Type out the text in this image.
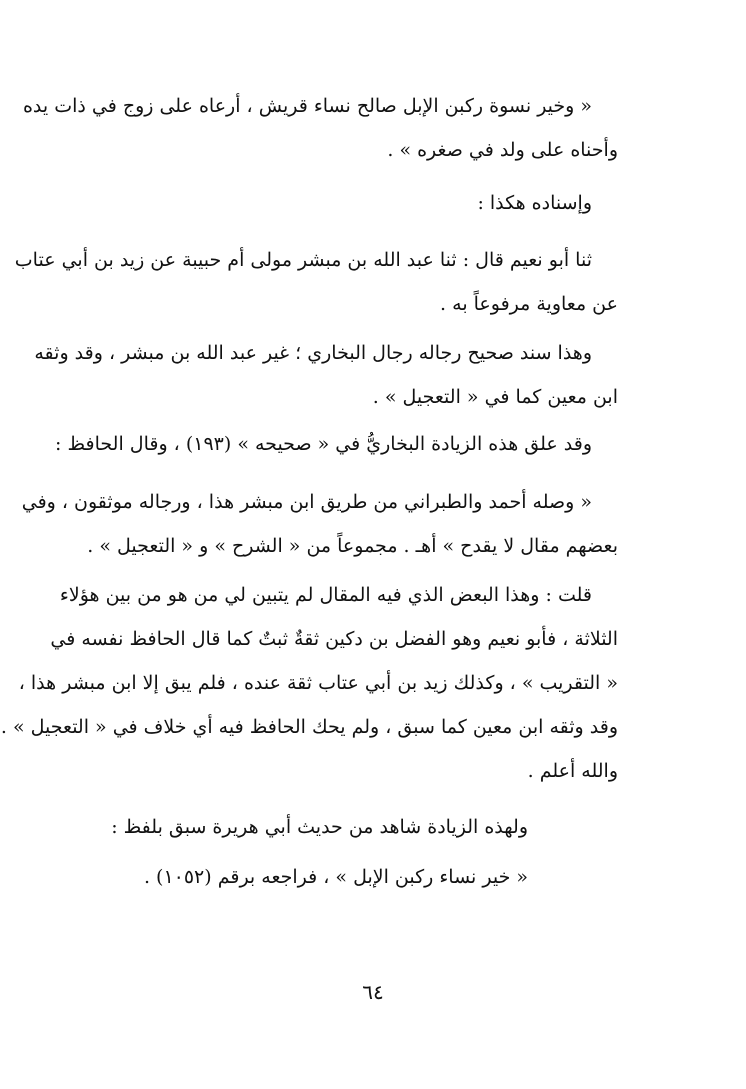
« وخير نسوة ركبن الإبل صالح نساء قريش ، أرعاه على زوج في ذات يده
وأحناه على ولد في صغره » .
وإسناده هكذا :
ثنا أبو نعيم قال : ثنا عبد الله بن مبشر مولى أم حبيبة عن زيد بن أبي عتاب
عن معاوية مرفوعاً به .
وهذا سند صحيح رجاله رجال البخاري ؛ غير عبد الله بن مبشر ، وقد وثقه
ابن معين كما في « التعجيل » .
وقد علق هذه الزيادة البخاريُّ في « صحيحه » (١٩٣) ، وقال الحافظ :
« وصله أحمد والطبراني من طريق ابن مبشر هذا ، ورجاله موثقون ، وفي
بعضهم مقال لا يقدح » أهـ . مجموعاً من « الشرح » و « التعجيل » .
قلت : وهذا البعض الذي فيه المقال لم يتبين لي من هو من بين هؤلاء
الثلاثة ، فأبو نعيم وهو الفضل بن دكين ثقةٌ ثبتٌ كما قال الحافظ نفسه في
« التقريب » ، وكذلك زيد بن أبي عتاب ثقة عنده ، فلم يبق إلا ابن مبشر هذا ،
وقد وثقه ابن معين كما سبق ، ولم يحك الحافظ فيه أي خلاف في « التعجيل » .
والله أعلم .
ولهذه الزيادة شاهد من حديث أبي هريرة سبق بلفظ :
« خير نساء ركبن الإبل » ، فراجعه برقم (١٠٥٢) .
٦٤
